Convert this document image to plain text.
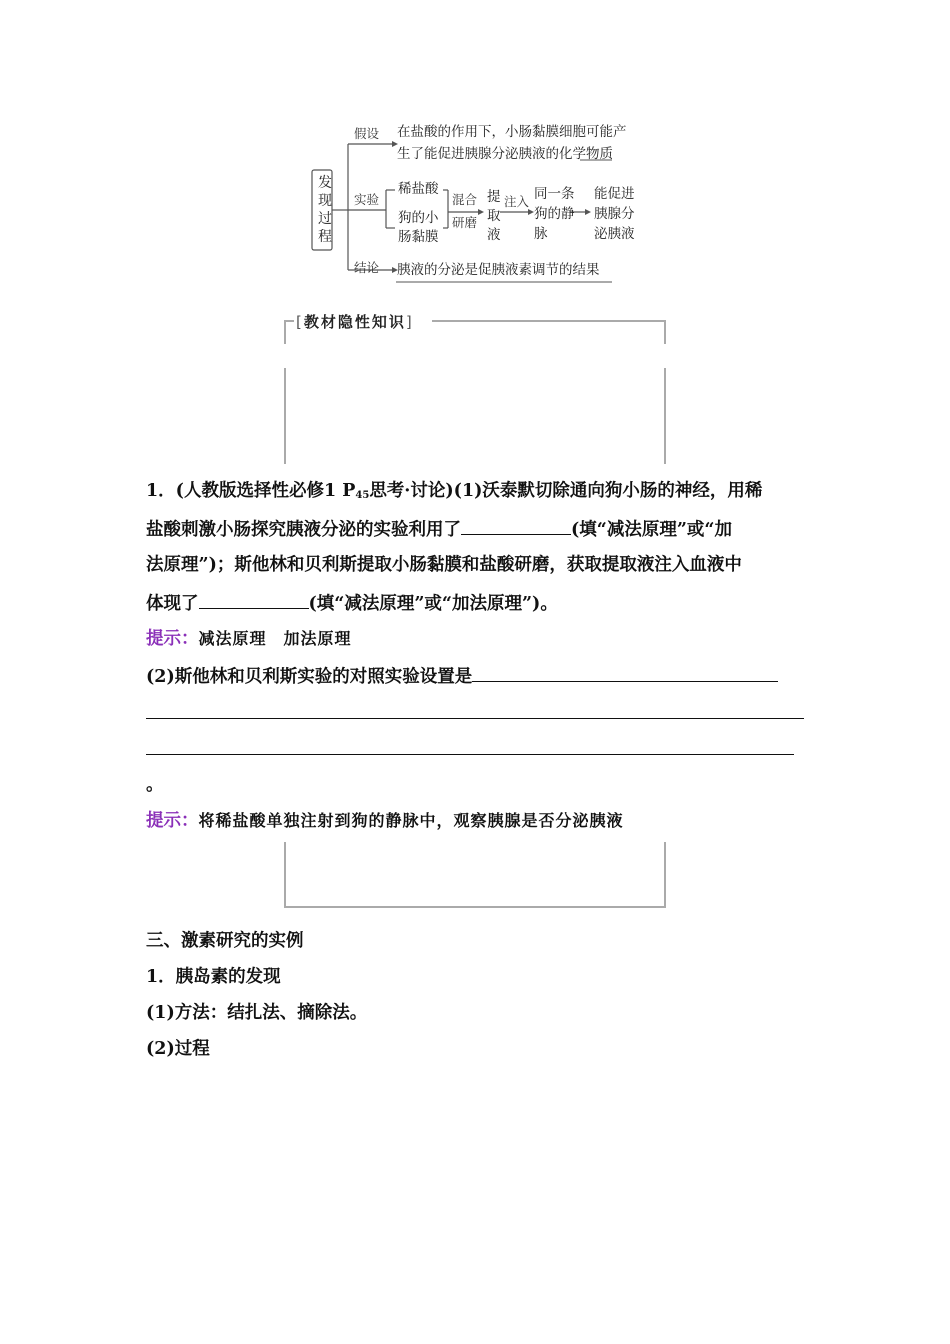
发现过程
假设 在盐酸的作用下，小肠黏膜细胞可能产
生了能促进胰腺分泌胰液的化学物质
实验
稀盐酸
狗的小
肠黏膜
混合
研磨
提取液
注入 同一条狗的静脉
能促进胰腺分泌胰液
结论 胰液的分泌是促胰液素调节的结果
[教材隐性知识]
1．(人教版选择性必修1 $P_{45}$思考·讨论)(1)沃泰默切除通向狗小肠的神经，用稀
盐酸刺激小肠探究胰液分泌的实验利用了	(填“减法原理”或“加
法原理”)；斯他林和贝利斯提取小肠黏膜和盐酸研磨，获取提取液注入血液中
体现了	(填“减法原理”或“加法原理”)。
提示：减法原理　加法原理
(2)斯他林和贝利斯实验的对照实验设置是
。
提示：将稀盐酸单独注射到狗的静脉中，观察胰腺是否分泌胰液
三、激素研究的实例
1．胰岛素的发现
(1)方法：结扎法、摘除法。
(2)过程
